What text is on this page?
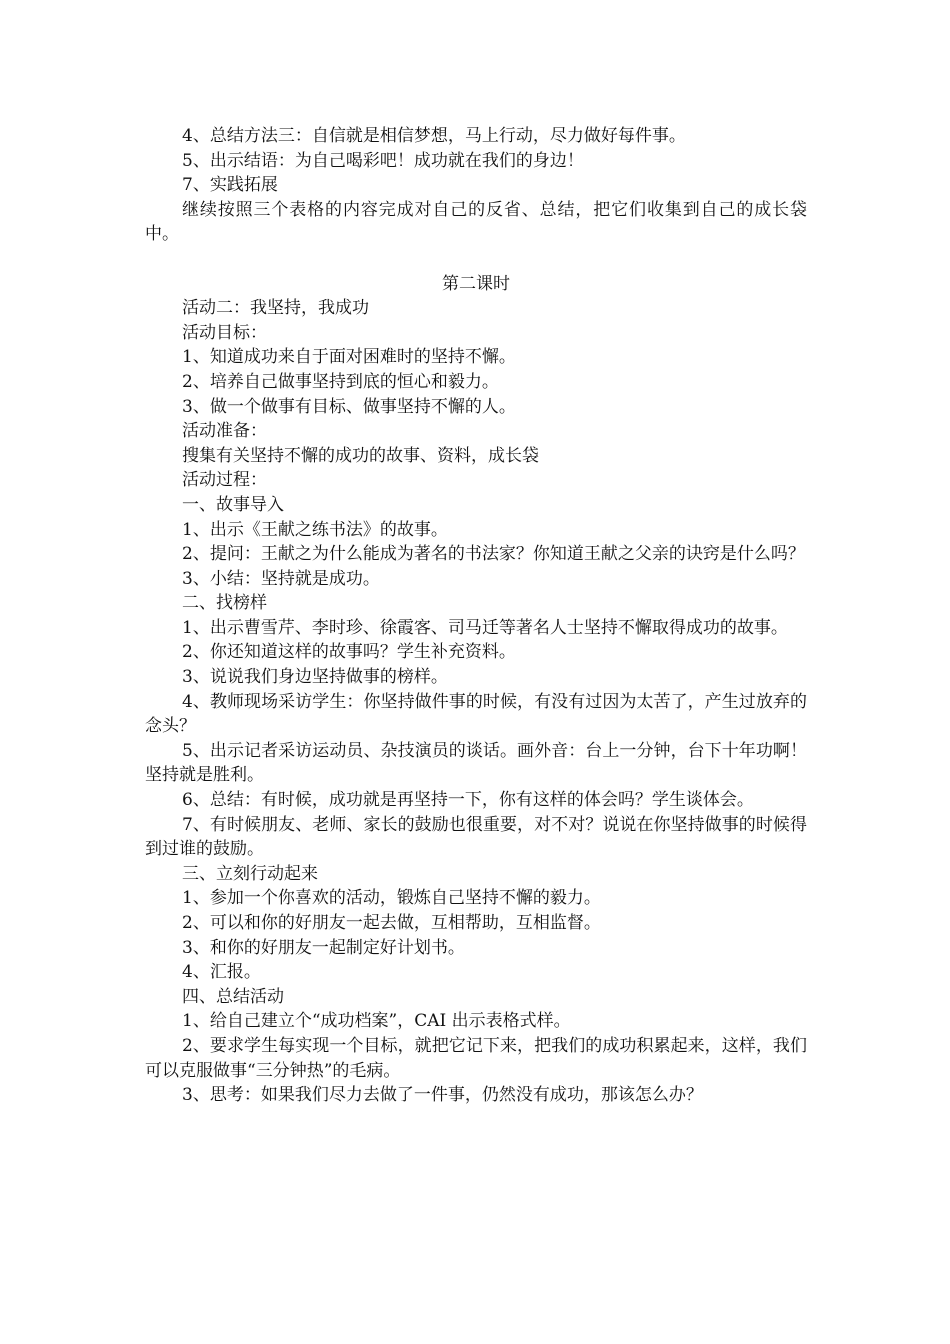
4、总结方法三：自信就是相信梦想，马上行动，尽力做好每件事。

5、出示结语：为自己喝彩吧！成功就在我们的身边！

7、实践拓展

继续按照三个表格的内容完成对自己的反省、总结，把它们收集到自己的成长袋中。

第二课时

活动二：我坚持，我成功

活动目标：

1、知道成功来自于面对困难时的坚持不懈。

2、培养自己做事坚持到底的恒心和毅力。

3、做一个做事有目标、做事坚持不懈的人。

活动准备：

搜集有关坚持不懈的成功的故事、资料，成长袋

活动过程：

一、故事导入

1、出示《王献之练书法》的故事。

2、提问：王献之为什么能成为著名的书法家？你知道王献之父亲的诀窍是什么吗？

3、小结：坚持就是成功。

二、找榜样

1、出示曹雪芹、李时珍、徐霞客、司马迁等著名人士坚持不懈取得成功的故事。

2、你还知道这样的故事吗？学生补充资料。

3、说说我们身边坚持做事的榜样。

4、教师现场采访学生：你坚持做件事的时候，有没有过因为太苦了，产生过放弃的念头？

5、出示记者采访运动员、杂技演员的谈话。画外音：台上一分钟，台下十年功啊！坚持就是胜利。

6、总结：有时候，成功就是再坚持一下，你有这样的体会吗？学生谈体会。

7、有时候朋友、老师、家长的鼓励也很重要，对不对？说说在你坚持做事的时候得到过谁的鼓励。

三、立刻行动起来

1、参加一个你喜欢的活动，锻炼自己坚持不懈的毅力。

2、可以和你的好朋友一起去做，互相帮助，互相监督。

3、和你的好朋友一起制定好计划书。

4、汇报。

四、总结活动

1、给自己建立个“成功档案”，CAI 出示表格式样。

2、要求学生每实现一个目标，就把它记下来，把我们的成功积累起来，这样，我们可以克服做事“三分钟热”的毛病。

3、思考：如果我们尽力去做了一件事，仍然没有成功，那该怎么办？
